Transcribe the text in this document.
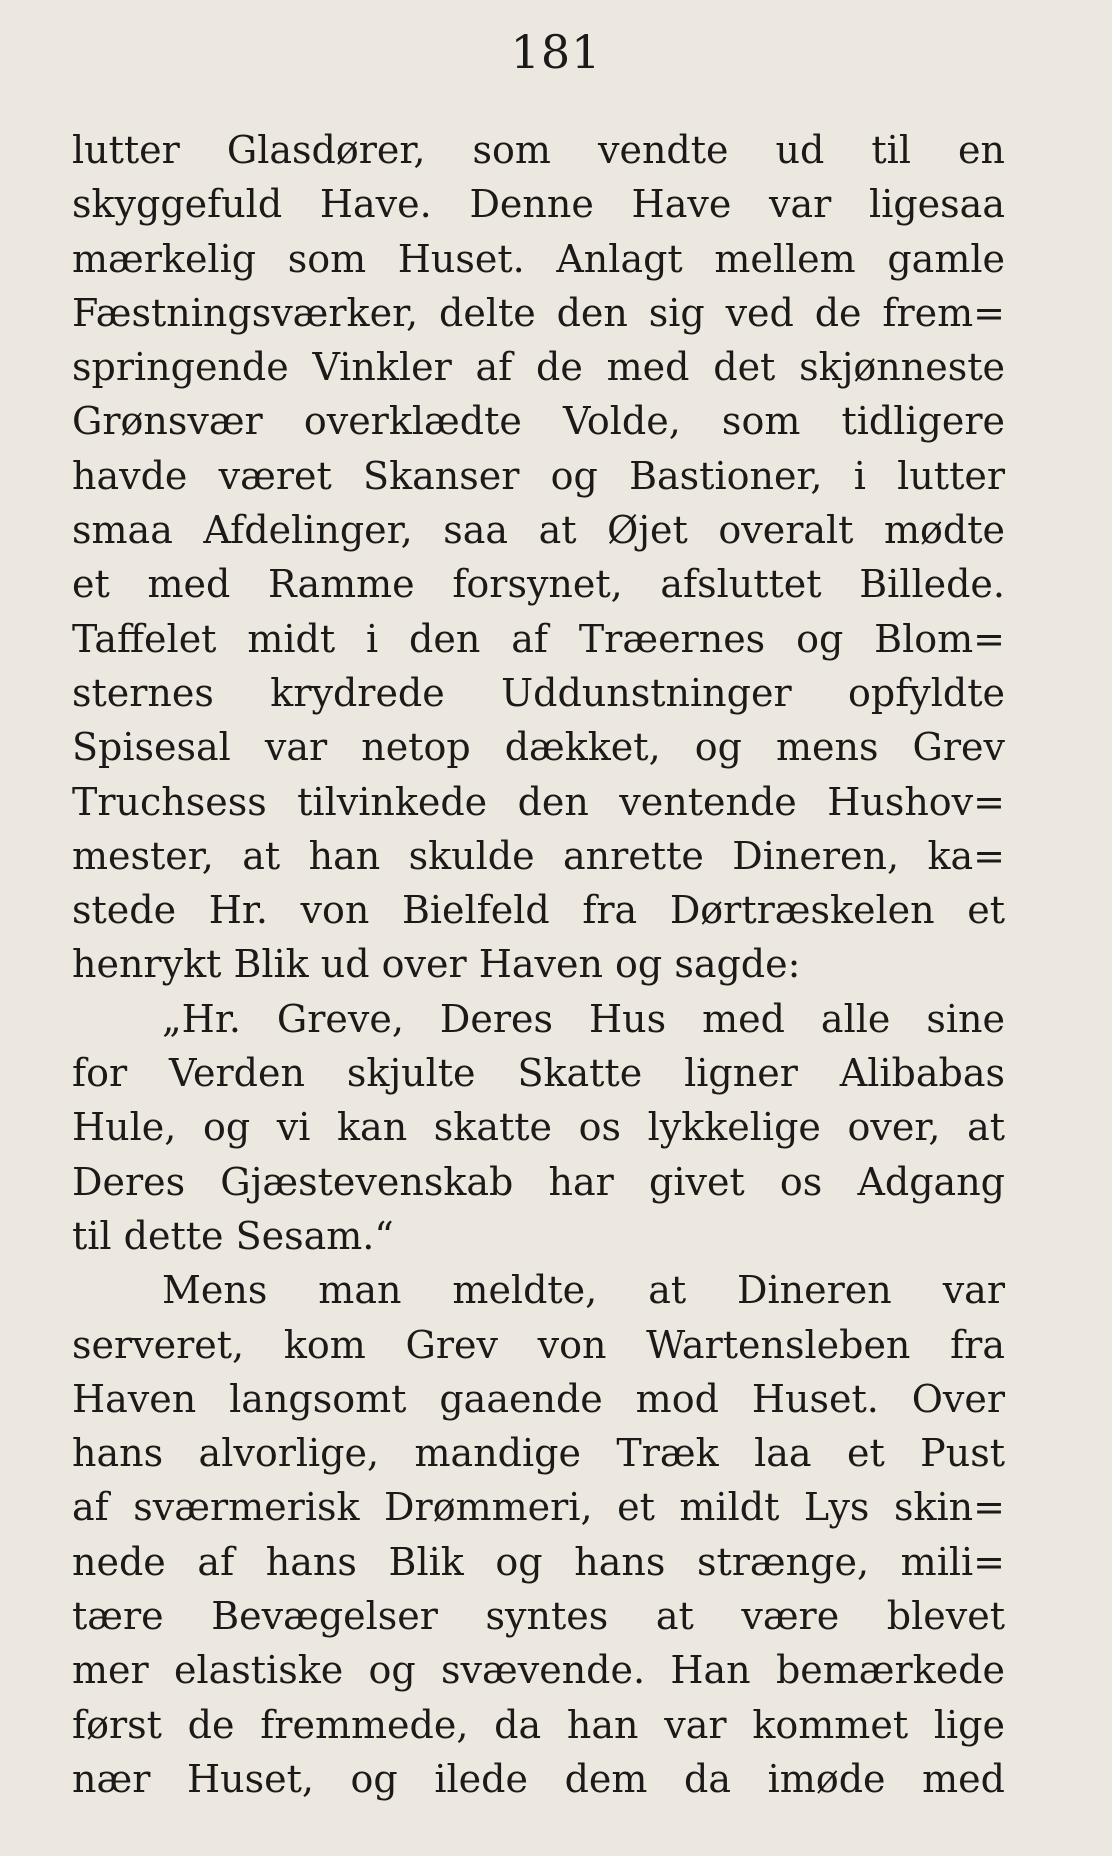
181
lutter Glasdører, som vendte ud til en
skyggefuld Have. Denne Have var ligesaa
mærkelig som Huset. Anlagt mellem gamle
Fæstningsværker, delte den sig ved de frem=
springende Vinkler af de med det skjønneste
Grønsvær overklædte Volde, som tidligere
havde været Skanser og Bastioner, i lutter
smaa Afdelinger, saa at Øjet overalt mødte
et med Ramme forsynet, afsluttet Billede.
Taffelet midt i den af Træernes og Blom=
sternes krydrede Uddunstninger opfyldte
Spisesal var netop dækket, og mens Grev
Truchsess tilvinkede den ventende Hushov=
mester, at han skulde anrette Dineren, ka=
stede Hr. von Bielfeld fra Dørtræskelen et
henrykt Blik ud over Haven og sagde:
„Hr. Greve, Deres Hus med alle sine
for Verden skjulte Skatte ligner Alibabas
Hule, og vi kan skatte os lykkelige over, at
Deres Gjæstevenskab har givet os Adgang
til dette Sesam.“
Mens man meldte, at Dineren var
serveret, kom Grev von Wartensleben fra
Haven langsomt gaaende mod Huset. Over
hans alvorlige, mandige Træk laa et Pust
af sværmerisk Drømmeri, et mildt Lys skin=
nede af hans Blik og hans strænge, mili=
tære Bevægelser syntes at være blevet
mer elastiske og svævende. Han bemærkede
først de fremmede, da han var kommet lige
nær Huset, og ilede dem da imøde med
